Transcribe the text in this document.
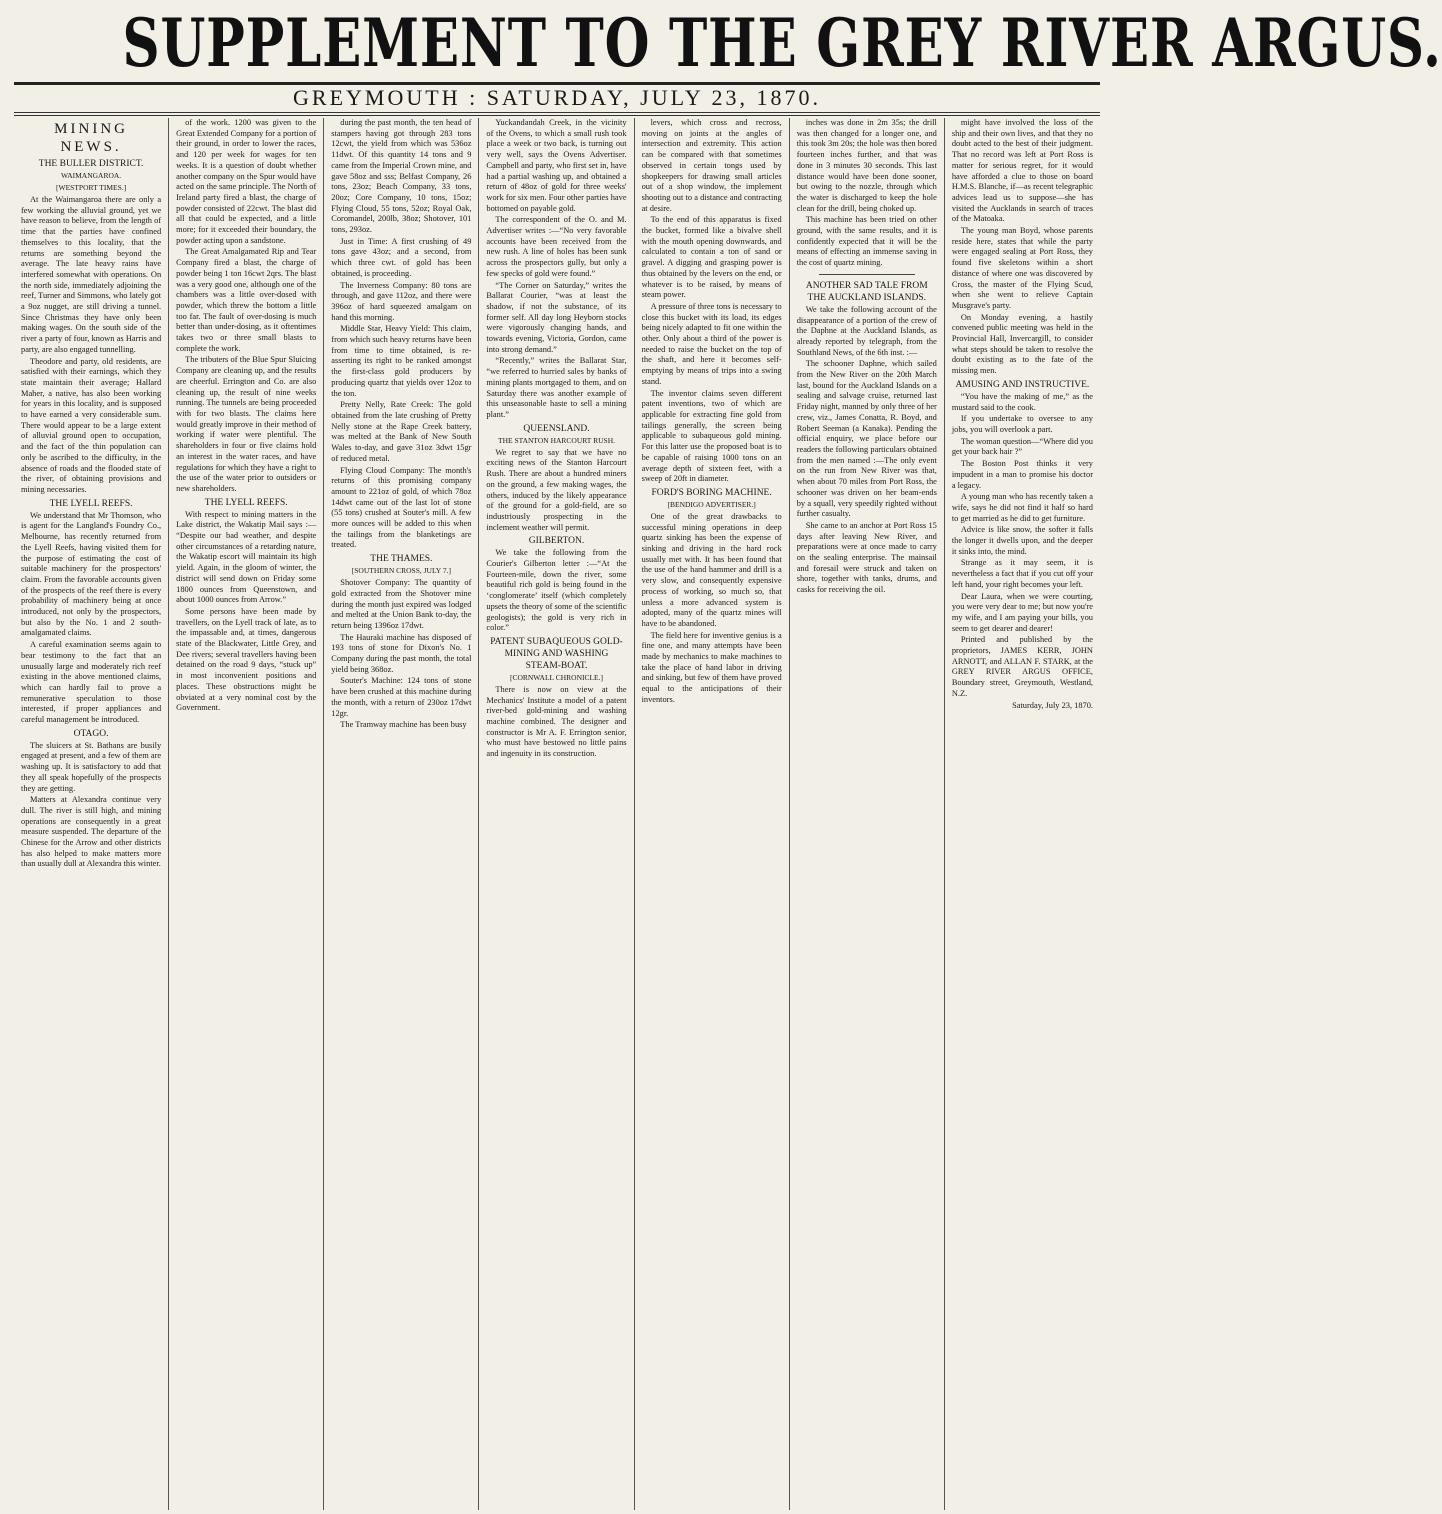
SUPPLEMENT TO THE GREY RIVER ARGUS.
GREYMOUTH : SATURDAY, JULY 23, 1870.
MINING NEWS.
THE BULLER DISTRICT.
WAIMANGAROA.
[WESTPORT TIMES.]

At the Waimangaroa there are only a few working the alluvial ground, yet we have reason to believe, from the length of time that the parties have confined themselves to this locality, that the returns are something beyond the average. The late heavy rains have interfered somewhat with operations. On the north side, immediately adjoining the reef, Turner and Simmons, who lately got a 9oz nugget, are still driving a tunnel. Since Christmas they have only been making wages. On the south side of the river a party of four, known as Harris and party, are also engaged tunnelling.

Theodore and party, old residents, are satisfied with their earnings, which they state maintain their average; Hallard Maher, a native, has also been working for years in this locality, and is supposed to have earned a very considerable sum. There would appear to be a large extent of alluvial ground open to occupation, and the fact of the thin population can only be ascribed to the difficulty, in the absence of roads and the flooded state of the river, of obtaining provisions and mining necessaries.

THE LYELL REEFS.

We understand that Mr Thomson, who is agent for the Langland's Foundry Co., Melbourne, has recently returned from the Lyell Reefs, having visited them for the purpose of estimating the cost of suitable machinery for the prospectors' claim. From the favorable accounts given of the prospects of the reef there is every probability of machinery being at once introduced, not only by the prospectors, but also by the No. 1 and 2 south-amalgamated claims.

A careful examination seems again to bear testimony to the fact that an unusually large and moderately rich reef existing in the above mentioned claims, which can hardly fail to prove a remunerative speculation to those interested, if proper appliances and careful management be introduced.

OTAGO.

The sluicers at St. Bathans are busily engaged at present, and a few of them are washing up. It is satisfactory to add that they all speak hopefully of the prospects they are getting.

Matters at Alexandra continue very dull. The river is still high, and mining operations are consequently in a great measure suspended. The departure of the Chinese for the Arrow and other districts has also helped to make matters more than usually dull at Alexandra this winter.

of the work. 1200 was given to the Great Extended Company for a portion of their ground, in order to lower the races, and 120 per week for wages for ten weeks. It is a question of doubt whether another company on the Spur would have acted on the same principle. The North of Ireland party fired a blast, the charge of powder consisted of 22cwt. The blast did all that could be expected, and a little more; for it exceeded their boundary, the powder acting upon a sandstone.

The Great Amalgamated Rip and Tear Company fired a blast, the charge of powder being 1 ton 16cwt 2qrs. The blast was a very good one, although one of the chambers was a little over-dosed with powder, which threw the bottom a little too far. The fault of over-dosing is much better than under-dosing, as it oftentimes takes two or three small blasts to complete the work.

The tributers of the Blue Spur Sluicing Company are cleaning up, and the results are cheerful. Errington and Co. are also cleaning up, the result of nine weeks running. The tunnels are being proceeded with for two blasts. The claims here would greatly improve in their method of working if water were plentiful. The shareholders in four or five claims hold an interest in the water races, and have regulations for which they have a right to the use of the water prior to outsiders or new shareholders.

THE LYELL REEFS.

With respect to mining matters in the Lake district, the Wakatip Mail says :— “Despite our bad weather, and despite other circumstances of a retarding nature, the Wakatip escort will maintain its high yield. Again, in the gloom of winter, the district will send down on Friday some 1800 ounces from Queenstown, and about 1000 ounces from Arrow.”

Some persons have been made by travellers, on the Lyell track of late, as to the impassable and, at times, dangerous state of the Blackwater, Little Grey, and Dee rivers; several travellers having been detained on the road 9 days, “stuck up” in most inconvenient positions and places. These obstructions might be obviated at a very nominal cost by the Government.

during the past month, the ten head of stampers having got through 283 tons 12cwt, the yield from which was 536oz 11dwt. Of this quantity 14 tons and 9 came from the Imperial Crown mine, and gave 58oz and sss; Belfast Company, 26 tons, 23oz; Beach Company, 33 tons, 20oz; Core Company, 10 tons, 15oz; Flying Cloud, 55 tons, 52oz; Royal Oak, Coromandel, 200lb, 38oz; Shotover, 101 tons, 293oz.

Just in Time: A first crushing of 49 tons gave 43oz; and a second, from which three cwt. of gold has been obtained, is proceeding.

The Inverness Company: 80 tons are through, and gave 112oz, and there were 396oz of hard squeezed amalgam on hand this morning.

Middle Star, Heavy Yield: This claim, from which such heavy returns have been from time to time obtained, is re-asserting its right to be ranked amongst the first-class gold producers by producing quartz that yields over 12oz to the ton.

Pretty Nelly, Rate Creek: The gold obtained from the late crushing of Pretty Nelly stone at the Rape Creek battery, was melted at the Bank of New South Wales to-day, and gave 31oz 3dwt 15gr of reduced metal.

Flying Cloud Company: The month's returns of this promising company amount to 221oz of gold, of which 78oz 14dwt came out of the last lot of stone (55 tons) crushed at Souter's mill. A few more ounces will be added to this when the tailings from the blanketings are treated.

THE THAMES.
[SOUTHERN CROSS, JULY 7.]

Shotover Company: The quantity of gold extracted from the Shotover mine during the month just expired was lodged and melted at the Union Bank to-day, the return being 1396oz 17dwt.

The Hauraki machine has disposed of 193 tons of stone for Dixon's No. 1 Company during the past month, the total yield being 368oz.

Souter's Machine: 124 tons of stone have been crushed at this machine during the month, with a return of 230oz 17dwt 12gr.

The Tramway machine has been busy

Yuckandandah Creek, in the vicinity of the Ovens, to which a small rush took place a week or two back, is turning out very well, says the Ovens Advertiser. Campbell and party, who first set in, have had a partial washing up, and obtained a return of 48oz of gold for three weeks' work for six men. Four other parties have bottomed on payable gold.

The correspondent of the O. and M. Advertiser writes :—“No very favorable accounts have been received from the new rush. A line of holes has been sunk across the prospectors gully, but only a few specks of gold were found.”

“The Corner on Saturday,” writes the Ballarat Courier, “was at least the shadow, if not the substance, of its former self. All day long Heyborn stocks were vigorously changing hands, and towards evening, Victoria, Gordon, came into strong demand.”

“Recently,” writes the Ballarat Star, “we referred to hurried sales by banks of mining plants mortgaged to them, and on Saturday there was another example of this unseasonable haste to sell a mining plant.”

QUEENSLAND.
THE STANTON HARCOURT RUSH.

We regret to say that we have no exciting news of the Stanton Harcourt Rush. There are about a hundred miners on the ground, a few making wages, the others, induced by the likely appearance of the ground for a gold-field, are so industriously prospecting in the inclement weather will permit.

GILBERTON.

We take the following from the Courier's Gilberton letter :—“At the Fourteen-mile, down the river, some beautiful rich gold is being found in the ‘conglomerate’ itself (which completely upsets the theory of some of the scientific geologists); the gold is very rich in color.”

PATENT SUBAQUEOUS GOLD-MINING AND WASHING STEAM-BOAT.
[CORNWALL CHRONICLE.]

There is now on view at the Mechanics' Institute a model of a patent river-bed gold-mining and washing machine combined. The designer and constructor is Mr A. F. Errington senior, who must have bestowed no little pains and ingenuity in its construction.

levers, which cross and recross, moving on joints at the angles of intersection and extremity. This action can be compared with that sometimes observed in certain tongs used by shopkeepers for drawing small articles out of a shop window, the implement shooting out to a distance and contracting at desire.

To the end of this apparatus is fixed the bucket, formed like a bivalve shell with the mouth opening downwards, and calculated to contain a ton of sand or gravel. A digging and grasping power is thus obtained by the levers on the end, or whatever is to be raised, by means of steam power.

A pressure of three tons is necessary to close this bucket with its load, its edges being nicely adapted to fit one within the other. Only about a third of the power is needed to raise the bucket on the top of the shaft, and here it becomes self-emptying by means of trips into a swing stand.

The inventor claims seven different patent inventions, two of which are applicable for extracting fine gold from tailings generally, the screen being applicable to subaqueous gold mining. For this latter use the proposed boat is to be capable of raising 1000 tons on an average depth of sixteen feet, with a sweep of 20ft in diameter.

FORD'S BORING MACHINE.
[BENDIGO ADVERTISER.]

One of the great drawbacks to successful mining operations in deep quartz sinking has been the expense of sinking and driving in the hard rock usually met with. It has been found that the use of the hand hammer and drill is a very slow, and consequently expensive process of working, so much so, that unless a more advanced system is adopted, many of the quartz mines will have to be abandoned.

The field here for inventive genius is a fine one, and many attempts have been made by mechanics to make machines to take the place of hand labor in driving and sinking, but few of them have proved equal to the anticipations of their inventors.

inches was done in 2m 35s; the drill was then changed for a longer one, and this took 3m 20s; the hole was then bored fourteen inches further, and that was done in 3 minutes 30 seconds. This last distance would have been done sooner, but owing to the nozzle, through which the water is discharged to keep the hole clean for the drill, being choked up.

This machine has been tried on other ground, with the same results, and it is confidently expected that it will be the means of effecting an immense saving in the cost of quartz mining.

ANOTHER SAD TALE FROM THE AUCKLAND ISLANDS.

We take the following account of the disappearance of a portion of the crew of the Daphne at the Auckland Islands, as already reported by telegraph, from the Southland News, of the 6th inst. :—

The schooner Daphne, which sailed from the New River on the 20th March last, bound for the Auckland Islands on a sealing and salvage cruise, returned last Friday night, manned by only three of her crew, viz., James Conatta, R. Boyd, and Robert Seeman (a Kanaka). Pending the official enquiry, we place before our readers the following particulars obtained from the men named :—The only event on the run from New River was that, when about 70 miles from Port Ross, the schooner was driven on her beam-ends by a squall, very speedily righted without further casualty.

She came to an anchor at Port Ross 15 days after leaving New River, and preparations were at once made to carry on the sealing enterprise. The mainsail and foresail were struck and taken on shore, together with tanks, drums, and casks for receiving the oil.

might have involved the loss of the ship and their own lives, and that they no doubt acted to the best of their judgment. That no record was left at Port Ross is matter for serious regret, for it would have afforded a clue to those on board H.M.S. Blanche, if—as recent telegraphic advices lead us to suppose—she has visited the Aucklands in search of traces of the Matoaka.

The young man Boyd, whose parents reside here, states that while the party were engaged sealing at Port Ross, they found five skeletons within a short distance of where one was discovered by Cross, the master of the Flying Scud, when she went to relieve Captain Musgrave's party.

On Monday evening, a hastily convened public meeting was held in the Provincial Hall, Invercargill, to consider what steps should be taken to resolve the doubt existing as to the fate of the missing men.

AMUSING AND INSTRUCTIVE.

“You have the making of me,” as the mustard said to the cook.

If you undertake to oversee to any jobs, you will overlook a part.

The woman question—“Where did you get your back hair ?”

The Boston Post thinks it very impudent in a man to promise his doctor a legacy.

A young man who has recently taken a wife, says he did not find it half so hard to get married as he did to get furniture.

Advice is like snow, the softer it falls the longer it dwells upon, and the deeper it sinks into, the mind.

Strange as it may seem, it is nevertheless a fact that if you cut off your left hand, your right becomes your left.

Dear Laura, when we were courting, you were very dear to me; but now you're my wife, and I am paying your bills, you seem to get dearer and dearer!

Printed and published by the proprietors, JAMES KERR, JOHN ARNOTT, and ALLAN F. STARK, at the GREY RIVER ARGUS OFFICE, Boundary street, Greymouth, Westland, N.Z.

Saturday, July 23, 1870.
